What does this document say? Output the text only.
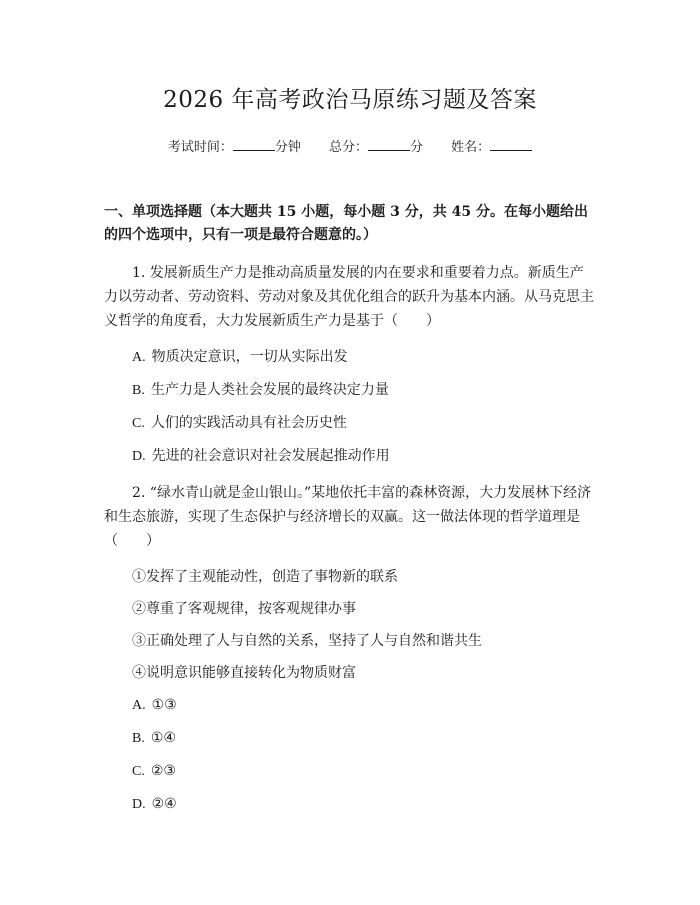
2026 年高考政治马原练习题及答案
考试时间：	分钟 总分：	分 姓名：
一、单项选择题（本大题共 15 小题，每小题 3 分，共 45 分。在每小题给出的四个选项中，只有一项是最符合题意的。）
1. 发展新质生产力是推动高质量发展的内在要求和重要着力点。新质生产力以劳动者、劳动资料、劳动对象及其优化组合的跃升为基本内涵。从马克思主义哲学的角度看，大力发展新质生产力是基于（　　）
A. 物质决定意识，一切从实际出发
B. 生产力是人类社会发展的最终决定力量
C. 人们的实践活动具有社会历史性
D. 先进的社会意识对社会发展起推动作用
2. “绿水青山就是金山银山。”某地依托丰富的森林资源，大力发展林下经济和生态旅游，实现了生态保护与经济增长的双赢。这一做法体现的哲学道理是（　　）
①发挥了主观能动性，创造了事物新的联系
②尊重了客观规律，按客观规律办事
③正确处理了人与自然的关系，坚持了人与自然和谐共生
④说明意识能够直接转化为物质财富
A. ①③
B. ①④
C. ②③
D. ②④
